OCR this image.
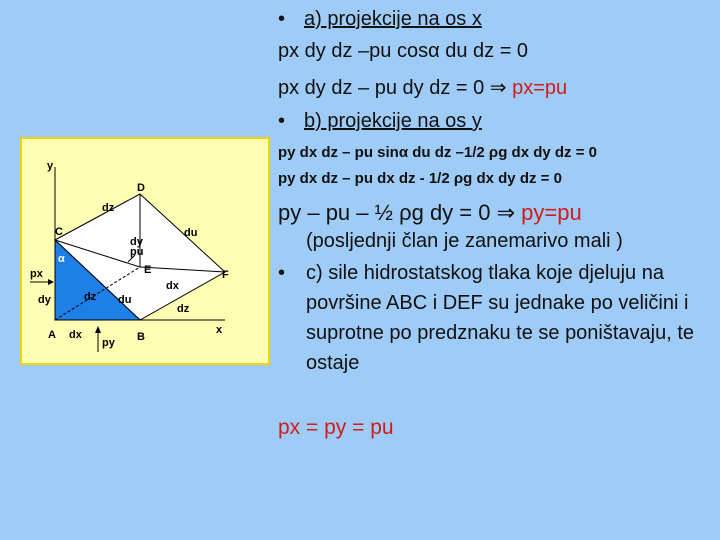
• a) projekcije na os x
px dy dz –pu cosα du dz = 0
px dy dz – pu dy dz = 0 ⇒ px=pu
• b) projekcije na os y
py dx dz – pu sinα du dz –1/2 ρg dx dy dz = 0
py dx dz – pu dx dz - 1/2 ρg dx dy dz = 0
py – pu – ½ ρg dy = 0 ⇒ py=pu
(posljednji član je zanemarivo mali )
•	c) sile hidrostatskog tlaka koje djeluju na površine ABC i DEF su jednake po veličini i suprotne po predznaku te se poništavaju, te ostaje
px = py = pu
y
x
A	B
C
D
E	F
dz
du
dy
pu
α
px
dy	dz du
dx
dz
dx
py
